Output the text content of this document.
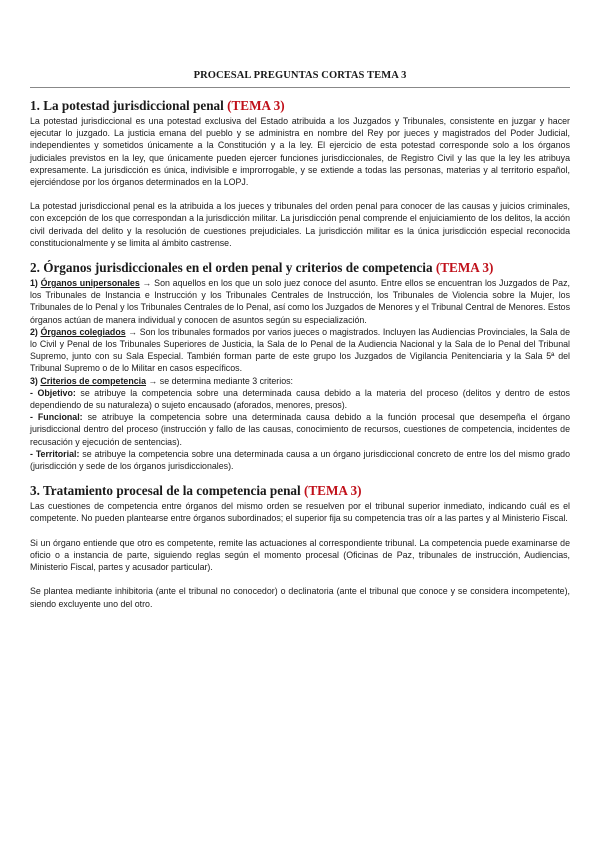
PROCESAL PREGUNTAS CORTAS TEMA 3
1. La potestad jurisdiccional penal (TEMA 3)

La potestad jurisdiccional es una potestad exclusiva del Estado atribuida a los Juzgados y Tribunales, consistente en juzgar y hacer ejecutar lo juzgado. La justicia emana del pueblo y se administra en nombre del Rey por jueces y magistrados del Poder Judicial, independientes y sometidos únicamente a la Constitución y a la ley. El ejercicio de esta potestad corresponde solo a los órganos judiciales previstos en la ley, que únicamente pueden ejercer funciones jurisdiccionales, de Registro Civil y las que la ley les atribuya expresamente. La jurisdicción es única, indivisible e improrrogable, y se extiende a todas las personas, materias y al territorio español, ejerciéndose por los órganos determinados en la LOPJ.

La potestad jurisdiccional penal es la atribuida a los jueces y tribunales del orden penal para conocer de las causas y juicios criminales, con excepción de los que correspondan a la jurisdicción militar. La jurisdicción penal comprende el enjuiciamiento de los delitos, la acción civil derivada del delito y la resolución de cuestiones prejudiciales. La jurisdicción militar es la única jurisdicción especial reconocida constitucionalmente y se limita al ámbito castrense.

2. Órganos jurisdiccionales en el orden penal y criterios de competencia (TEMA 3)

1) Órganos unipersonales → Son aquellos en los que un solo juez conoce del asunto. Entre ellos se encuentran los Juzgados de Paz, los Tribunales de Instancia e Instrucción y los Tribunales Centrales de Instrucción, los Tribunales de Violencia sobre la Mujer, los Tribunales de lo Penal y los Tribunales Centrales de lo Penal, así como los Juzgados de Menores y el Tribunal Central de Menores. Estos órganos actúan de manera individual y conocen de asuntos según su especialización.

2) Órganos colegiados → Son los tribunales formados por varios jueces o magistrados. Incluyen las Audiencias Provinciales, la Sala de lo Civil y Penal de los Tribunales Superiores de Justicia, la Sala de lo Penal de la Audiencia Nacional y la Sala de lo Penal del Tribunal Supremo, junto con su Sala Especial. También forman parte de este grupo los Juzgados de Vigilancia Penitenciaria y la Sala 5ª del Tribunal Supremo o de lo Militar en casos específicos.

3) Criterios de competencia → se determina mediante 3 criterios:

- Objetivo: se atribuye la competencia sobre una determinada causa debido a la materia del proceso (delitos y dentro de estos dependiendo de su naturaleza) o sujeto encausado (aforados, menores, presos).

- Funcional: se atribuye la competencia sobre una determinada causa debido a la función procesal que desempeña el órgano jurisdiccional dentro del proceso (instrucción y fallo de las causas, conocimiento de recursos, cuestiones de competencia, incidentes de recusación y ejecución de sentencias).

- Territorial: se atribuye la competencia sobre una determinada causa a un órgano jurisdiccional concreto de entre los del mismo grado (jurisdicción y sede de los órganos jurisdiccionales).

3. Tratamiento procesal de la competencia penal (TEMA 3)

Las cuestiones de competencia entre órganos del mismo orden se resuelven por el tribunal superior inmediato, indicando cuál es el competente. No pueden plantearse entre órganos subordinados; el superior fija su competencia tras oír a las partes y al Ministerio Fiscal.

Si un órgano entiende que otro es competente, remite las actuaciones al correspondiente tribunal. La competencia puede examinarse de oficio o a instancia de parte, siguiendo reglas según el momento procesal (Oficinas de Paz, tribunales de instrucción, Audiencias, Ministerio Fiscal, partes y acusador particular).

Se plantea mediante inhibitoria (ante el tribunal no conocedor) o declinatoria (ante el tribunal que conoce y se considera incompetente), siendo excluyente uno del otro.
